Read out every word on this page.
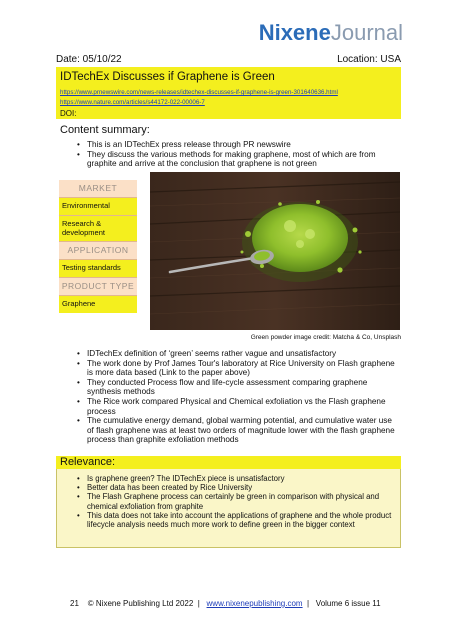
NixeneJournal
Date: 05/10/22	Location: USA
IDTechEx Discusses if Graphene is Green
https://www.prnewswire.com/news-releases/idtechex-discusses-if-graphene-is-green-301640636.html
https://www.nature.com/articles/s44172-022-00006-7
DOI:
Content summary:
• This is an IDTechEx press release through PR newswire
• They discuss the various methods for making graphene, most of which are from graphite and arrive at the conclusion that graphene is not green
MARKET
Environmental
Research & development
APPLICATION
Testing standards
PRODUCT TYPE
Graphene
Green powder image credit: Matcha & Co, Unsplash
• IDTechEx definition of ‘green’ seems rather vague and unsatisfactory
• The work done by Prof James Tour's laboratory at Rice University on Flash graphene is more data based (Link to the paper above)
• They conducted Process flow and life-cycle assessment comparing graphene synthesis methods
• The Rice work compared Physical and Chemical exfoliation vs the Flash graphene process
• The cumulative energy demand, global warming potential, and cumulative water use of flash graphene was at least two orders of magnitude lower with the flash graphene process than graphite exfoliation methods
Relevance:
• Is graphene green? The IDTechEx piece is unsatisfactory
• Better data has been created by Rice University
• The Flash Graphene process can certainly be green in comparison with physical and chemical exfoliation from graphite
• This data does not take into account the applications of graphene and the whole product lifecycle analysis needs much more work to define green in the bigger context
21 © Nixene Publishing Ltd 2022 | www.nixenepublishing.com | Volume 6 issue 11
